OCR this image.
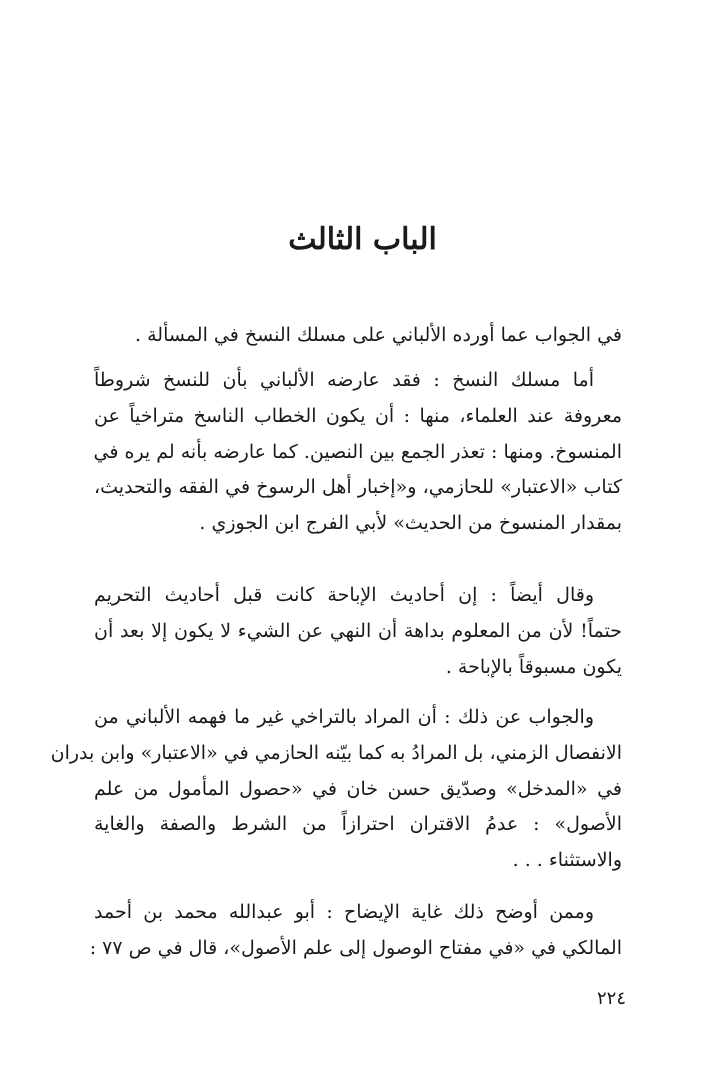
الباب الثالث
في الجواب عما أورده الألباني على مسلك النسخ في المسألة .
أما مسلك النسخ : فقد عارضه الألباني بأن للنسخ شروطاً
معروفة عند العلماء، منها : أن يكون الخطاب الناسخ متراخياً عن
المنسوخ. ومنها : تعذر الجمع بين النصين. كما عارضه بأنه لم يره في
كتاب «الاعتبار» للحازمي، و«إخبار أهل الرسوخ في الفقه والتحديث،
بمقدار المنسوخ من الحديث» لأبي الفرج ابن الجوزي .
وقال أيضاً : إن أحاديث الإباحة كانت قبل أحاديث التحريم
حتماً! لأن من المعلوم بداهة أن النهي عن الشيء لا يكون إلا بعد أن
يكون مسبوقاً بالإباحة .
والجواب عن ذلك : أن المراد بالتراخي غير ما فهمه الألباني من
الانفصال الزمني، بل المرادُ به كما بيّنه الحازمي في «الاعتبار» وابن بدران
في «المدخل» وصدّيق حسن خان في «حصول المأمول من علم
الأصول» : عدمُ الاقتران احترازاً من الشرط والصفة والغاية
والاستثناء . . .
وممن أوضح ذلك غاية الإيضاح : أبو عبدالله محمد بن أحمد
المالكي في «في مفتاح الوصول إلى علم الأصول»، قال في ص ٧٧ :
٢٢٤
